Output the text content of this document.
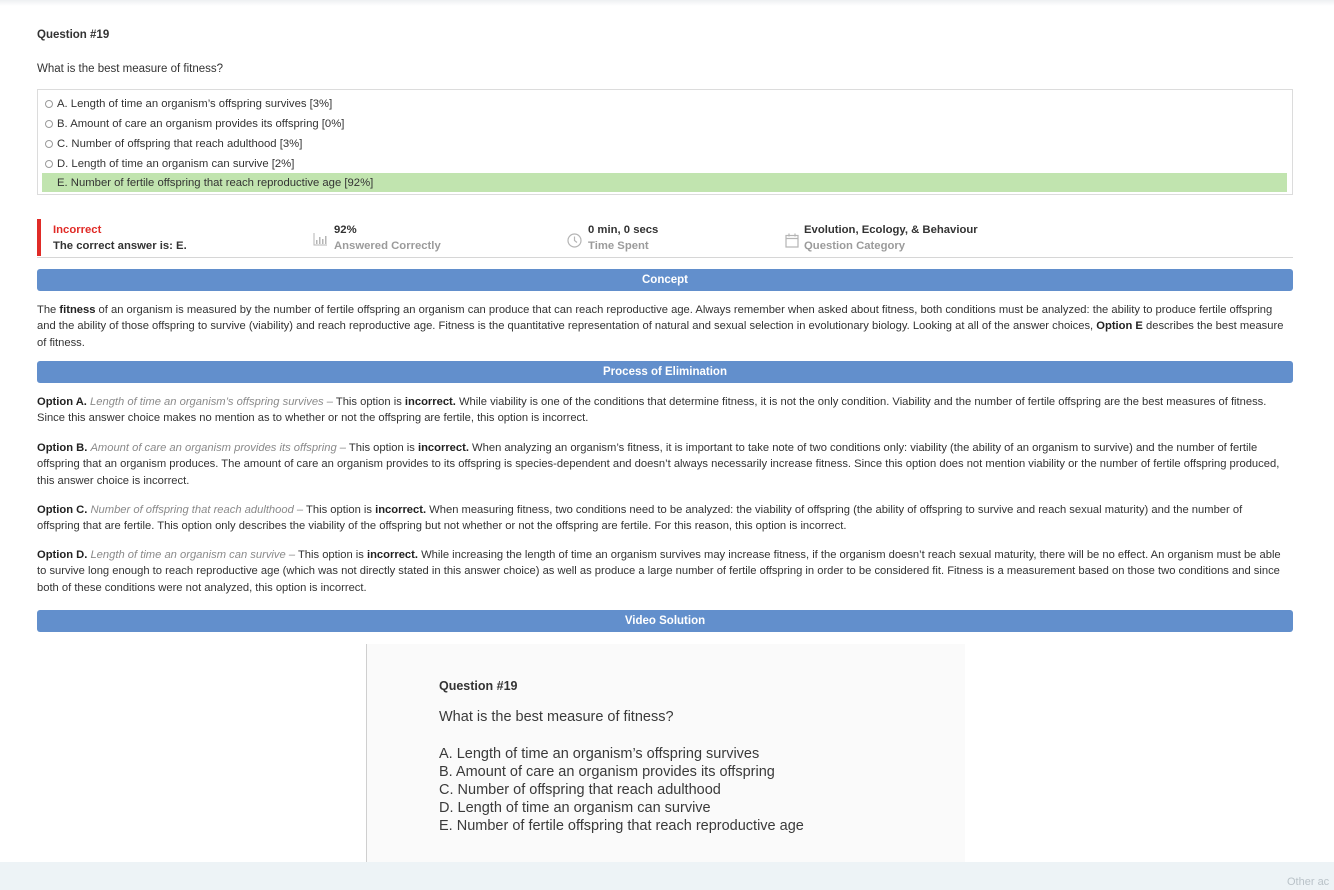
Question #19
What is the best measure of fitness?
A. Length of time an organism’s offspring survives [3%]
B. Amount of care an organism provides its offspring [0%]
C. Number of offspring that reach adulthood [3%]
D. Length of time an organism can survive [2%]
E. Number of fertile offspring that reach reproductive age [92%]
Incorrect
The correct answer is: E.
92%
Answered Correctly
0 min, 0 secs
Time Spent
Evolution, Ecology, & Behaviour
Question Category
Concept
The fitness of an organism is measured by the number of fertile offspring an organism can produce that can reach reproductive age. Always remember when asked about fitness, both conditions must be analyzed: the ability to produce fertile offspring and the ability of those offspring to survive (viability) and reach reproductive age. Fitness is the quantitative representation of natural and sexual selection in evolutionary biology. Looking at all of the answer choices, Option E describes the best measure of fitness.
Process of Elimination
Option A. Length of time an organism’s offspring survives – This option is incorrect. While viability is one of the conditions that determine fitness, it is not the only condition. Viability and the number of fertile offspring are the best measures of fitness. Since this answer choice makes no mention as to whether or not the offspring are fertile, this option is incorrect.
Option B. Amount of care an organism provides its offspring – This option is incorrect. When analyzing an organism’s fitness, it is important to take note of two conditions only: viability (the ability of an organism to survive) and the number of fertile offspring that an organism produces. The amount of care an organism provides to its offspring is species-dependent and doesn’t always necessarily increase fitness. Since this option does not mention viability or the number of fertile offspring produced, this answer choice is incorrect.
Option C. Number of offspring that reach adulthood – This option is incorrect. When measuring fitness, two conditions need to be analyzed: the viability of offspring (the ability of offspring to survive and reach sexual maturity) and the number of offspring that are fertile. This option only describes the viability of the offspring but not whether or not the offspring are fertile. For this reason, this option is incorrect.
Option D. Length of time an organism can survive – This option is incorrect. While increasing the length of time an organism survives may increase fitness, if the organism doesn’t reach sexual maturity, there will be no effect. An organism must be able to survive long enough to reach reproductive age (which was not directly stated in this answer choice) as well as produce a large number of fertile offspring in order to be considered fit. Fitness is a measurement based on those two conditions and since both of these conditions were not analyzed, this option is incorrect.
Video Solution
Question #19
What is the best measure of fitness?
A. Length of time an organism’s offspring survives
B. Amount of care an organism provides its offspring
C. Number of offspring that reach adulthood
D. Length of time an organism can survive
E. Number of fertile offspring that reach reproductive age
Other ac
